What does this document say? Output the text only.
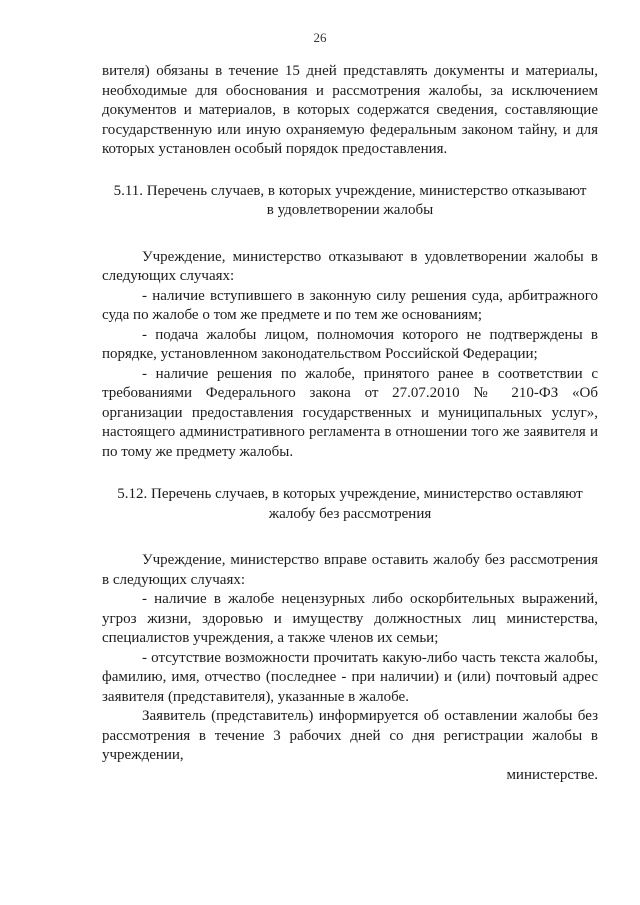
26

вителя) обязаны в течение 15 дней представлять документы и материалы, необходимые для обоснования и рассмотрения жалобы, за исключением документов и материалов, в которых содержатся сведения, составляющие государственную или иную охраняемую федеральным законом тайну, и для которых установлен особый порядок предоставления.

5.11. Перечень случаев, в которых учреждение, министерство отказывают в удовлетворении жалобы

Учреждение, министерство отказывают в удовлетворении жалобы в следующих случаях:

- наличие вступившего в законную силу решения суда, арбитражного суда по жалобе о том же предмете и по тем же основаниям;

- подача жалобы лицом, полномочия которого не подтверждены в порядке, установленном законодательством Российской Федерации;

- наличие решения по жалобе, принятого ранее в соответствии с требованиями Федерального закона от 27.07.2010 № 210-ФЗ «Об организации предоставления государственных и муниципальных услуг», настоящего административного регламента в отношении того же заявителя и по тому же предмету жалобы.

5.12. Перечень случаев, в которых учреждение, министерство оставляют жалобу без рассмотрения

Учреждение, министерство вправе оставить жалобу без рассмотрения в следующих случаях:

- наличие в жалобе нецензурных либо оскорбительных выражений, угроз жизни, здоровью и имуществу должностных лиц министерства, специалистов учреждения, а также членов их семьи;

- отсутствие возможности прочитать какую-либо часть текста жалобы, фамилию, имя, отчество (последнее - при наличии) и (или) почтовый адрес заявителя (представителя), указанные в жалобе.

Заявитель (представитель) информируется об оставлении жалобы без рассмотрения в течение 3 рабочих дней со дня регистрации жалобы в учреждении,

министерстве.
